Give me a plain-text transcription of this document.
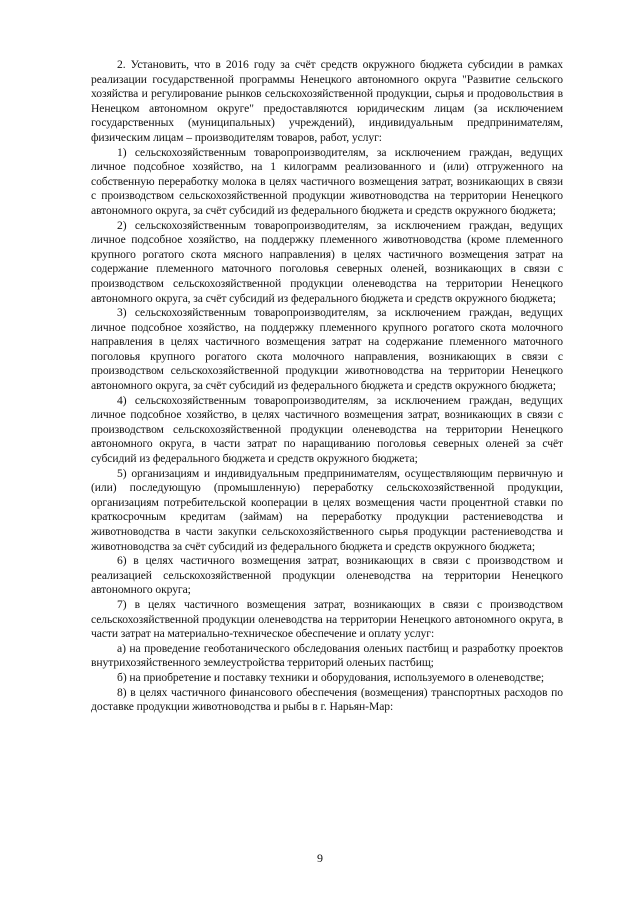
2. Установить, что в 2016 году за счёт средств окружного бюджета субсидии в рамках реализации государственной программы Ненецкого автономного округа "Развитие сельского хозяйства и регулирование рынков сельскохозяйственной продукции, сырья и продовольствия в Ненецком автономном округе" предоставляются юридическим лицам (за исключением государственных (муниципальных) учреждений), индивидуальным предпринимателям, физическим лицам – производителям товаров, работ, услуг:

1) сельскохозяйственным товаропроизводителям, за исключением граждан, ведущих личное подсобное хозяйство, на 1 килограмм реализованного и (или) отгруженного на собственную переработку молока в целях частичного возмещения затрат, возникающих в связи с производством сельскохозяйственной продукции животноводства на территории Ненецкого автономного округа, за счёт субсидий из федерального бюджета и средств окружного бюджета;

2) сельскохозяйственным товаропроизводителям, за исключением граждан, ведущих личное подсобное хозяйство, на поддержку племенного животноводства (кроме племенного крупного рогатого скота мясного направления) в целях частичного возмещения затрат на содержание племенного маточного поголовья северных оленей, возникающих в связи с производством сельскохозяйственной продукции оленеводства на территории Ненецкого автономного округа, за счёт субсидий из федерального бюджета и средств окружного бюджета;

3) сельскохозяйственным товаропроизводителям, за исключением граждан, ведущих личное подсобное хозяйство, на поддержку племенного крупного рогатого скота молочного направления в целях частичного возмещения затрат на содержание племенного маточного поголовья крупного рогатого скота молочного направления, возникающих в связи с производством сельскохозяйственной продукции животноводства на территории Ненецкого автономного округа, за счёт субсидий из федерального бюджета и средств окружного бюджета;

4) сельскохозяйственным товаропроизводителям, за исключением граждан, ведущих личное подсобное хозяйство, в целях частичного возмещения затрат, возникающих в связи с производством сельскохозяйственной продукции оленеводства на территории Ненецкого автономного округа, в части затрат по наращиванию поголовья северных оленей за счёт субсидий из федерального бюджета и средств окружного бюджета;

5) организациям и индивидуальным предпринимателям, осуществляющим первичную и (или) последующую (промышленную) переработку сельскохозяйственной продукции, организациям потребительской кооперации в целях возмещения части процентной ставки по краткосрочным кредитам (займам) на переработку продукции растениеводства и животноводства в части закупки сельскохозяйственного сырья продукции растениеводства и животноводства за счёт субсидий из федерального бюджета и средств окружного бюджета;

6) в целях частичного возмещения затрат, возникающих в связи с производством и реализацией сельскохозяйственной продукции оленеводства на территории Ненецкого автономного округа;

7) в целях частичного возмещения затрат, возникающих в связи с производством сельскохозяйственной продукции оленеводства на территории Ненецкого автономного округа, в части затрат на материально-техническое обеспечение и оплату услуг:

а) на проведение геоботанического обследования оленьих пастбищ и разработку проектов внутрихозяйственного землеустройства территорий оленьих пастбищ;

б) на приобретение и поставку техники и оборудования, используемого в оленеводстве;

8) в целях частичного финансового обеспечения (возмещения) транспортных расходов по доставке продукции животноводства и рыбы в г. Нарьян-Мар:

9
